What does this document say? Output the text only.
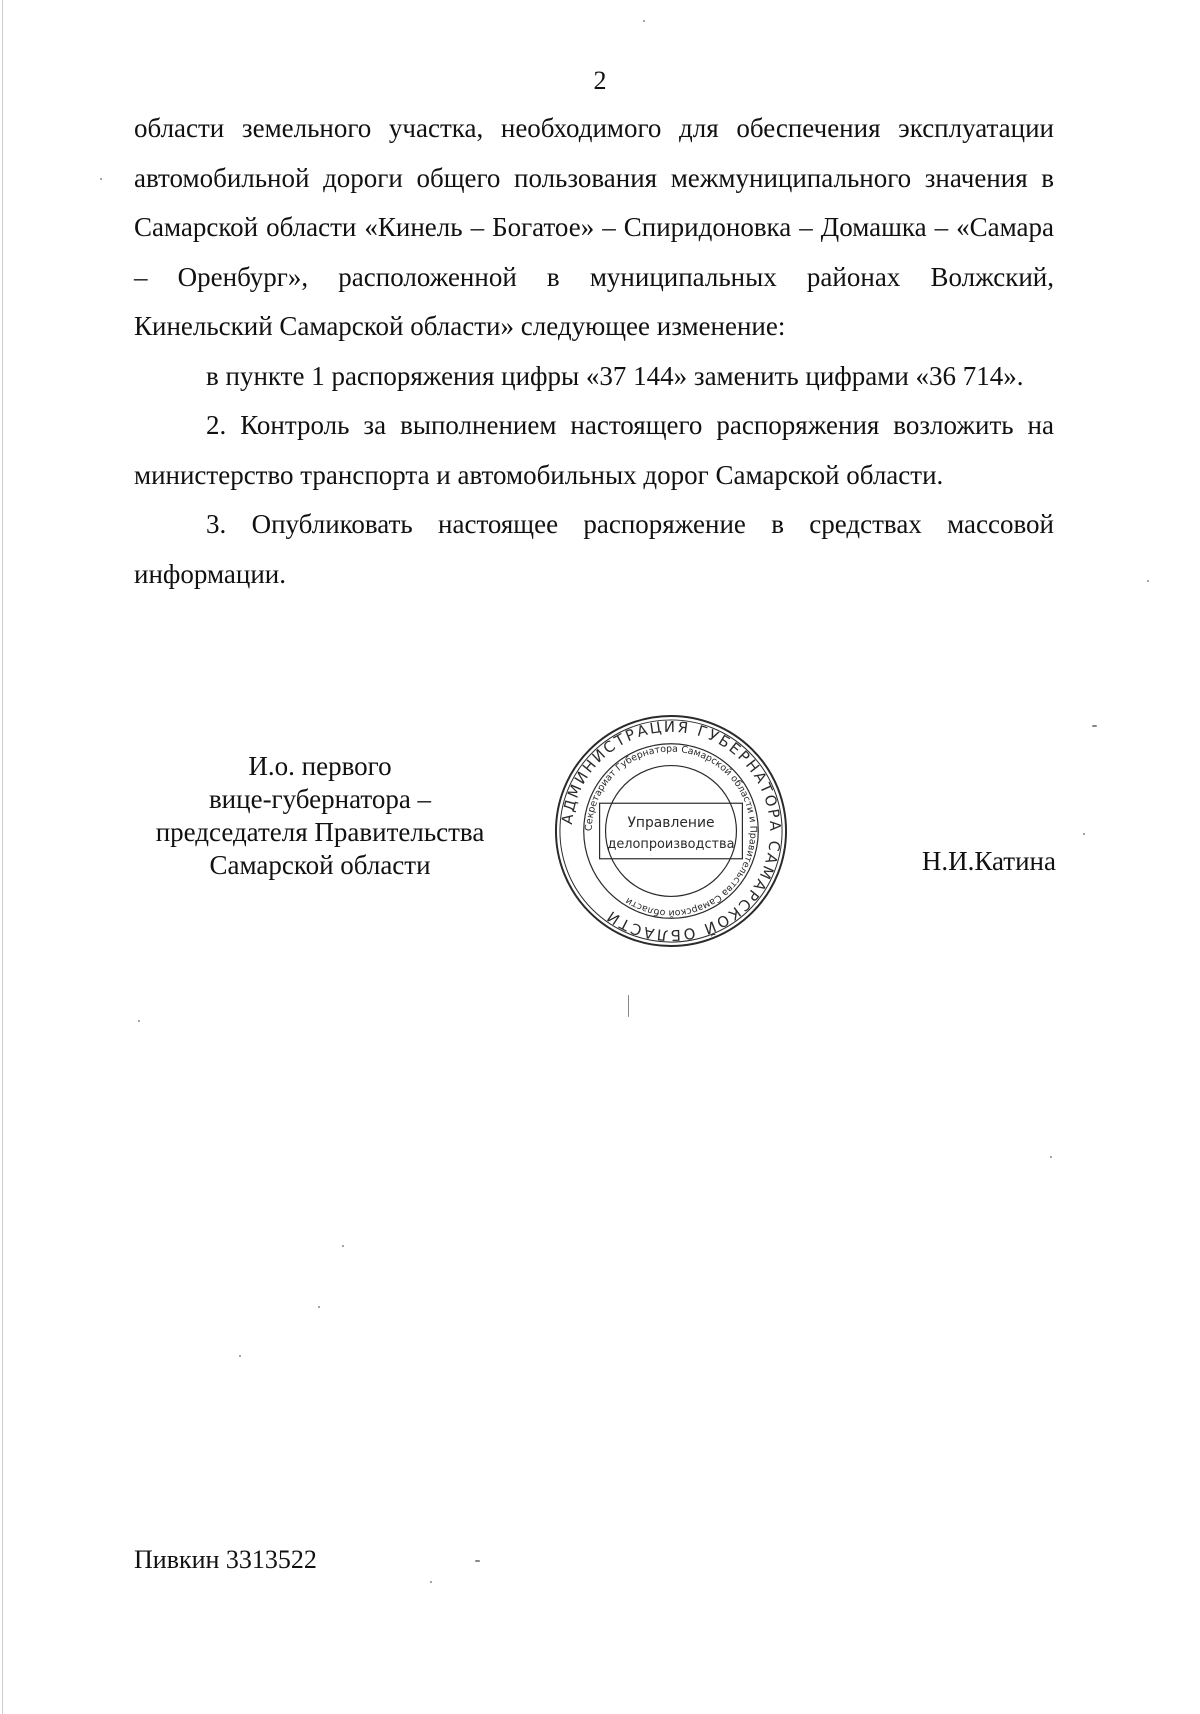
2

области земельного участка, необходимого для обеспечения эксплуатации автомобильной дороги общего пользования межмуниципального значения в Самарской области «Кинель – Богатое» – Спиридоновка – Домашка – «Самара – Оренбург», расположенной в муниципальных районах Волжский, Кинельский Самарской области» следующее изменение:

в пункте 1 распоряжения цифры «37 144» заменить цифрами «36 714».

2. Контроль за выполнением настоящего распоряжения возложить на министерство транспорта и автомобильных дорог Самарской области.

3. Опубликовать настоящее распоряжение в средствах массовой информации.

И.о. первого
вице-губернатора –
председателя Правительства
Самарской области
АДМИНИСТРАЦИЯ ГУБЕРНАТОРА САМАРСКОЙ ОБЛАСТИ
Секретариат Губернатора Самарской области и Правительства Самарской области
Управление
делопроизводства
Н.И.Катина
Пивкин 3313522
